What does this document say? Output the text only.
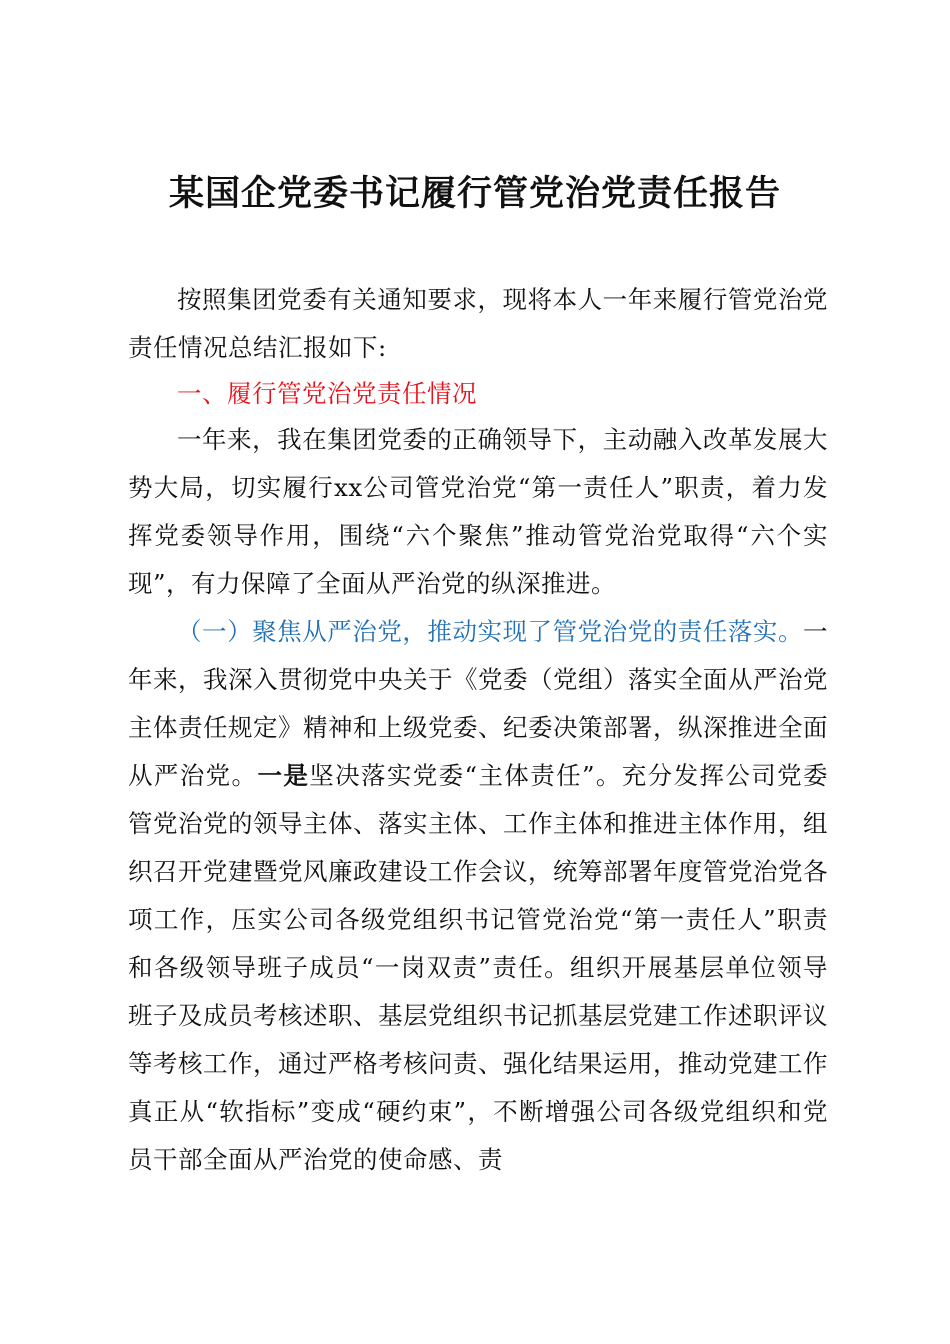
某国企党委书记履行管党治党责任报告
按照集团党委有关通知要求，现将本人一年来履行管党治党责任情况总结汇报如下:
一、履行管党治党责任情况
一年来，我在集团党委的正确领导下，主动融入改革发展大势大局，切实履行xx公司管党治党“第一责任人”职责，着力发挥党委领导作用，围绕“六个聚焦”推动管党治党取得“六个实现”，有力保障了全面从严治党的纵深推进。
（一）聚焦从严治党，推动实现了管党治党的责任落实。一年来，我深入贯彻党中央关于《党委（党组）落实全面从严治党主体责任规定》精神和上级党委、纪委决策部署，纵深推进全面从严治党。一是坚决落实党委“主体责任”。充分发挥公司党委管党治党的领导主体、落实主体、工作主体和推进主体作用，组织召开党建暨党风廉政建设工作会议，统筹部署年度管党治党各项工作，压实公司各级党组织书记管党治党“第一责任人”职责和各级领导班子成员“一岗双责”责任。组织开展基层单位领导班子及成员考核述职、基层党组织书记抓基层党建工作述职评议等考核工作，通过严格考核问责、强化结果运用，推动党建工作真正从“软指标”变成“硬约束”，不断增强公司各级党组织和党员干部全面从严治党的使命感、责
